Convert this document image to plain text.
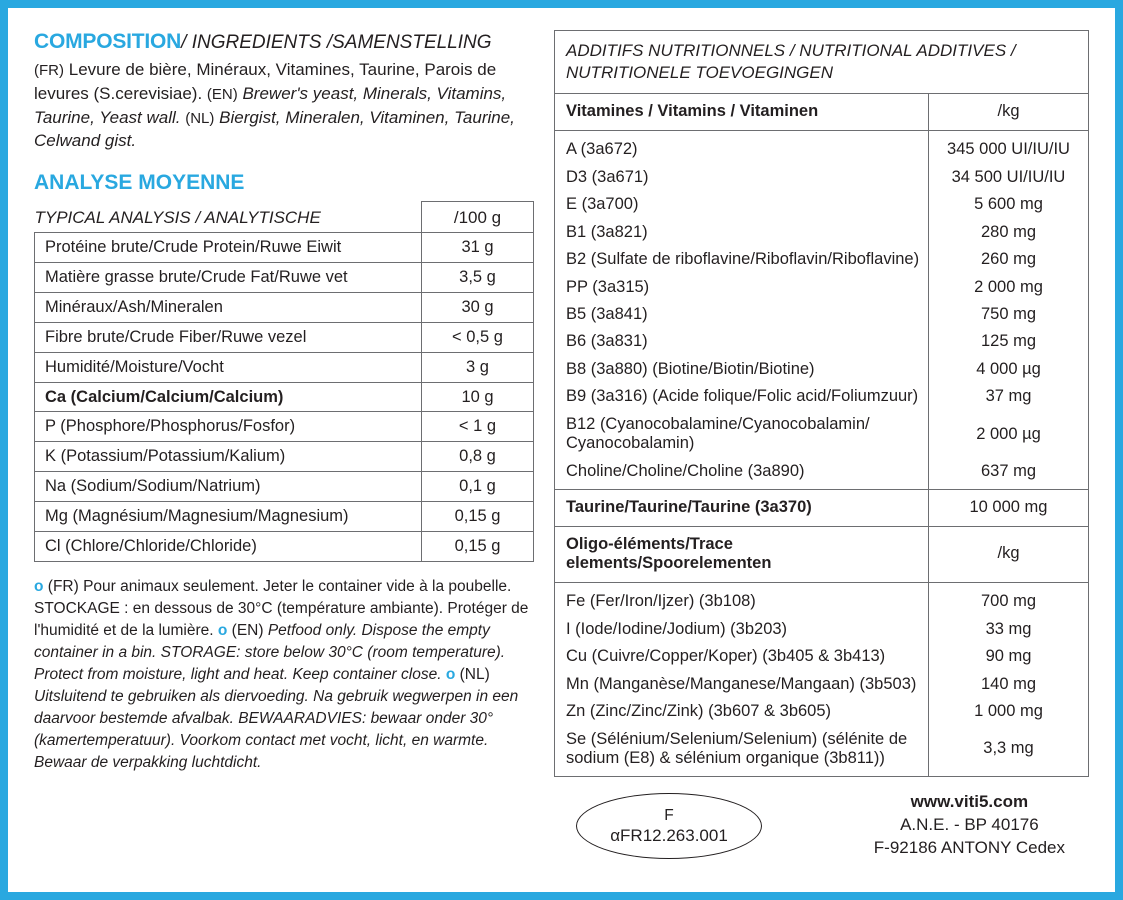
COMPOSITION/ INGREDIENTS /SAMENSTELLING

(FR) Levure de bière, Minéraux, Vitamines, Taurine, Parois de levures (S.cerevisiae). (EN) Brewer's yeast, Minerals, Vitamins, Taurine, Yeast wall. (NL) Biergist, Mineralen, Vitaminen, Taurine, Celwand gist.

ANALYSE MOYENNE
TYPICAL ANALYSIS / ANALYTISCHE	/100 g
Protéine brute/Crude Protein/Ruwe Eiwit	31 g
Matière grasse brute/Crude Fat/Ruwe vet	3,5 g
Minéraux/Ash/Mineralen	30 g
Fibre brute/Crude Fiber/Ruwe vezel	< 0,5 g
Humidité/Moisture/Vocht	3 g
Ca (Calcium/Calcium/Calcium)	10 g
P (Phosphore/Phosphorus/Fosfor)	< 1 g
K (Potassium/Potassium/Kalium)	0,8 g
Na (Sodium/Sodium/Natrium)	0,1 g
Mg (Magnésium/Magnesium/Magnesium)	0,15 g
Cl (Chlore/Chloride/Chloride)	0,15 g

o (FR) Pour animaux seulement. Jeter le container vide à la poubelle. STOCKAGE : en dessous de 30°C (température ambiante). Protéger de l'humidité et de la lumière. o (EN) Petfood only. Dispose the empty container in a bin. STORAGE: store below 30°C (room temperature). Protect from moisture, light and heat. Keep container close. o (NL) Uitsluitend te gebruiken als diervoeding. Na gebruik wegwerpen in een daarvoor bestemde afvalbak. BEWAARADVIES: bewaar onder 30° (kamertemperatuur). Voorkom contact met vocht, licht, en warmte. Bewaar de verpakking luchtdicht.

ADDITIFS NUTRITIONNELS / NUTRITIONAL ADDITIVES /
NUTRITIONELE TOEVOEGINGEN	
Vitamines / Vitamins / Vitaminen	/kg

A (3a672)	345 000 UI/IU/IU
D3 (3a671)	34 500 UI/IU/IU
E (3a700)	5 600 mg
B1 (3a821)	280 mg
B2 (Sulfate de riboflavine/Riboflavin/Riboflavine)	260 mg
PP (3a315)	2 000 mg
B5 (3a841)	750 mg
B6 (3a831)	125 mg
B8 (3a880) (Biotine/Biotin/Biotine)	4 000 µg
B9 (3a316) (Acide folique/Folic acid/Foliumzuur)	37 mg
B12 (Cyanocobalamine/Cyanocobalamin/ Cyanocobalamin)	2 000 µg
Choline/Choline/Choline (3a890)	637 mg
Taurine/Taurine/Taurine (3a370)	10 000 mg
Oligo-éléments/Trace elements/Spoorelementen	/kg

Fe (Fer/Iron/Ijzer) (3b108)	700 mg
I (Iode/Iodine/Jodium) (3b203)	33 mg
Cu (Cuivre/Copper/Koper) (3b405 & 3b413)	90 mg
Mn (Manganèse/Manganese/Mangaan) (3b503)	140 mg
Zn (Zinc/Zinc/Zink) (3b607 & 3b605)	1 000 mg
Se (Sélénium/Selenium/Selenium) (sélénite de sodium (E8) & sélénium organique (3b811))	3,3 mg
F
αFR12.263.001
www.viti5.com
A.N.E. - BP 40176
F-92186 ANTONY Cedex
